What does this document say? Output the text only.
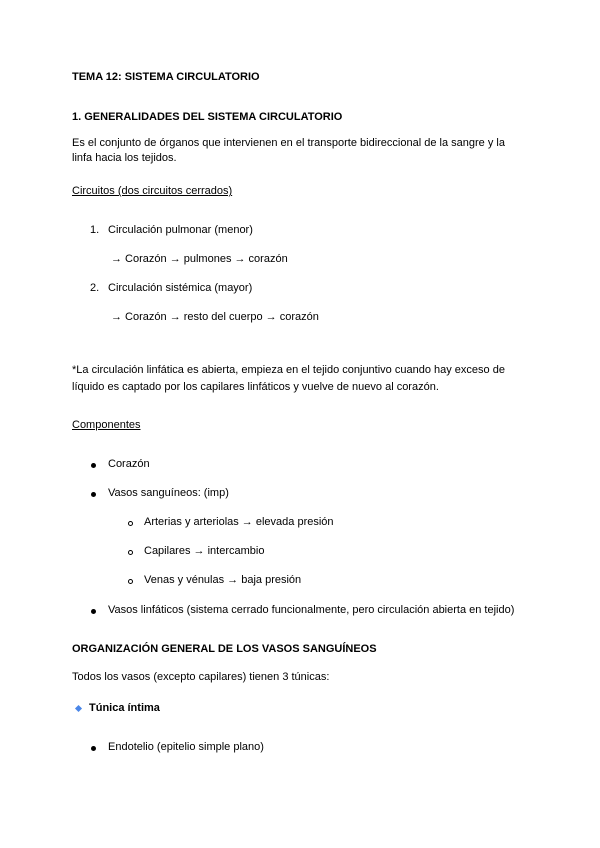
TEMA 12: SISTEMA CIRCULATORIO
1. GENERALIDADES DEL SISTEMA CIRCULATORIO
Es el conjunto de órganos que intervienen en el transporte bidireccional de la sangre y la
linfa hacia los tejidos.
Circuitos (dos circuitos cerrados)
1. Circulación pulmonar (menor)
→ Corazón → pulmones → corazón
2. Circulación sistémica (mayor)
→ Corazón → resto del cuerpo → corazón
*La circulación linfática es abierta, empieza en el tejido conjuntivo cuando hay exceso de
líquido es captado por los capilares linfáticos y vuelve de nuevo al corazón.
Componentes
Corazón
Vasos sanguíneos: (imp)
Arterias y arteriolas → elevada presión
Capilares → intercambio
Venas y vénulas → baja presión
Vasos linfáticos (sistema cerrado funcionalmente, pero circulación abierta en tejido)
ORGANIZACIÓN GENERAL DE LOS VASOS SANGUÍNEOS
Todos los vasos (excepto capilares) tienen 3 túnicas:
Túnica íntima
Endotelio (epitelio simple plano)
